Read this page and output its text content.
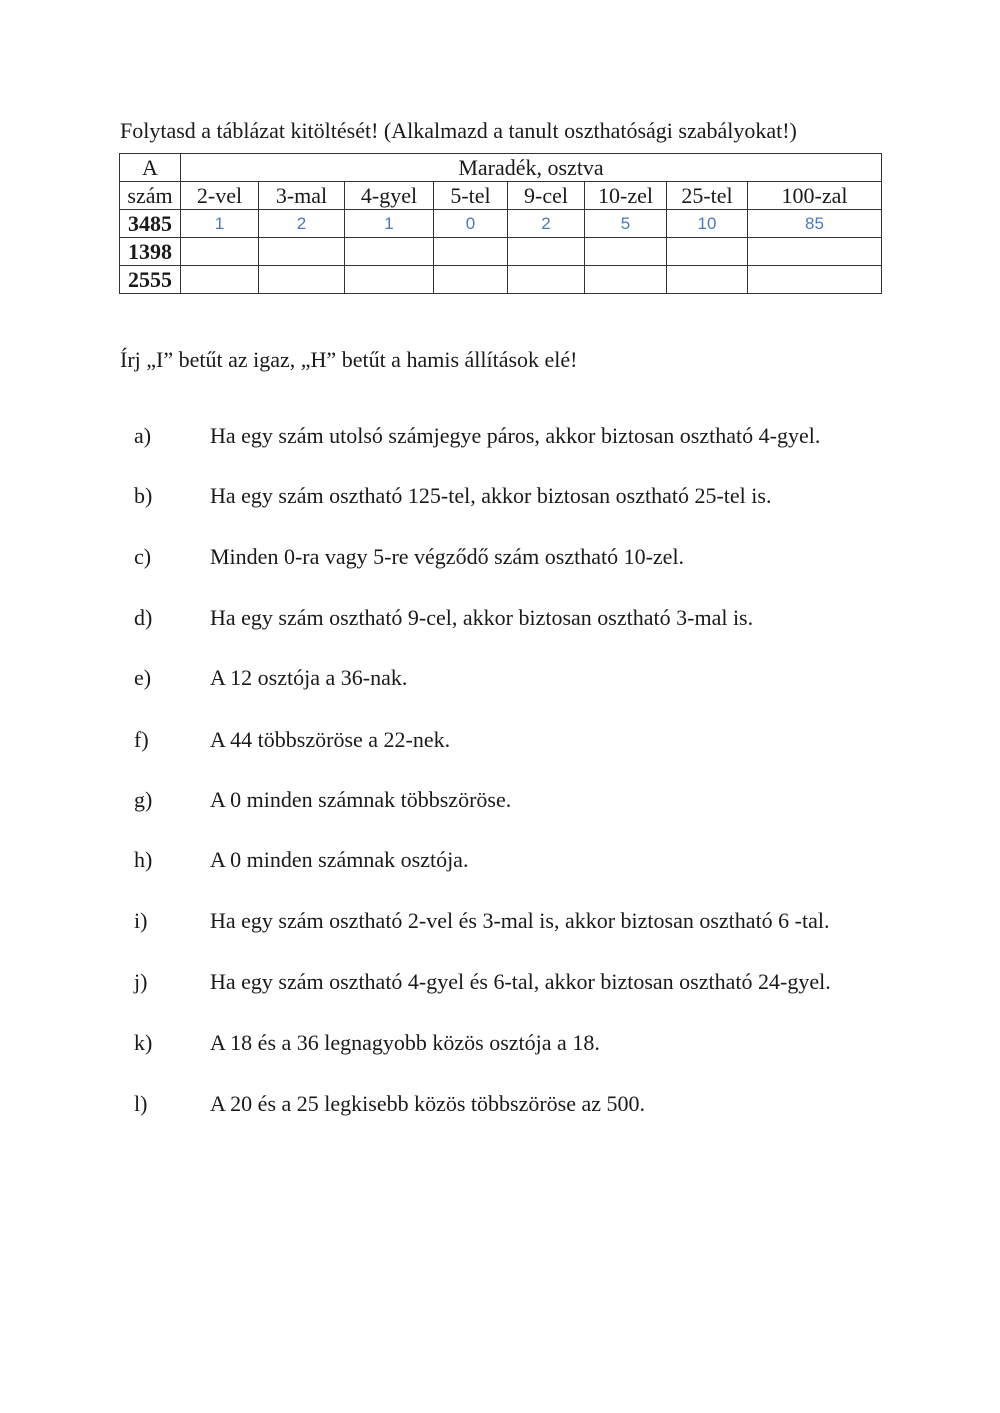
Folytasd a táblázat kitöltését! (Alkalmazd a tanult oszthatósági szabályokat!)
A	Maradék, osztva							
szám	2-vel	3-mal	4-gyel	5-tel	9-cel	10-zel	25-tel	100-zal
3485	1	2	1	0	2	5	10	85
1398								
2555								
Írj „I” betűt az igaz, „H” betűt a hamis állítások elé!
a)	Ha egy szám utolsó számjegye páros, akkor biztosan osztható 4-gyel.
b)	Ha egy szám osztható 125-tel, akkor biztosan osztható 25-tel is.
c)	Minden 0-ra vagy 5-re végződő szám osztható 10-zel.
d)	Ha egy szám osztható 9-cel, akkor biztosan osztható 3-mal is.
e)	A 12 osztója a 36-nak.
f)	A 44 többszöröse a 22-nek.
g)	A 0 minden számnak többszöröse.
h)	A 0 minden számnak osztója.
i)	Ha egy szám osztható 2-vel és 3-mal is, akkor biztosan osztható 6 -tal.
j)	Ha egy szám osztható 4-gyel és 6-tal, akkor biztosan osztható 24-gyel.
k)	A 18 és a 36 legnagyobb közös osztója a 18.
l)	A 20 és a 25 legkisebb közös többszöröse az 500.
